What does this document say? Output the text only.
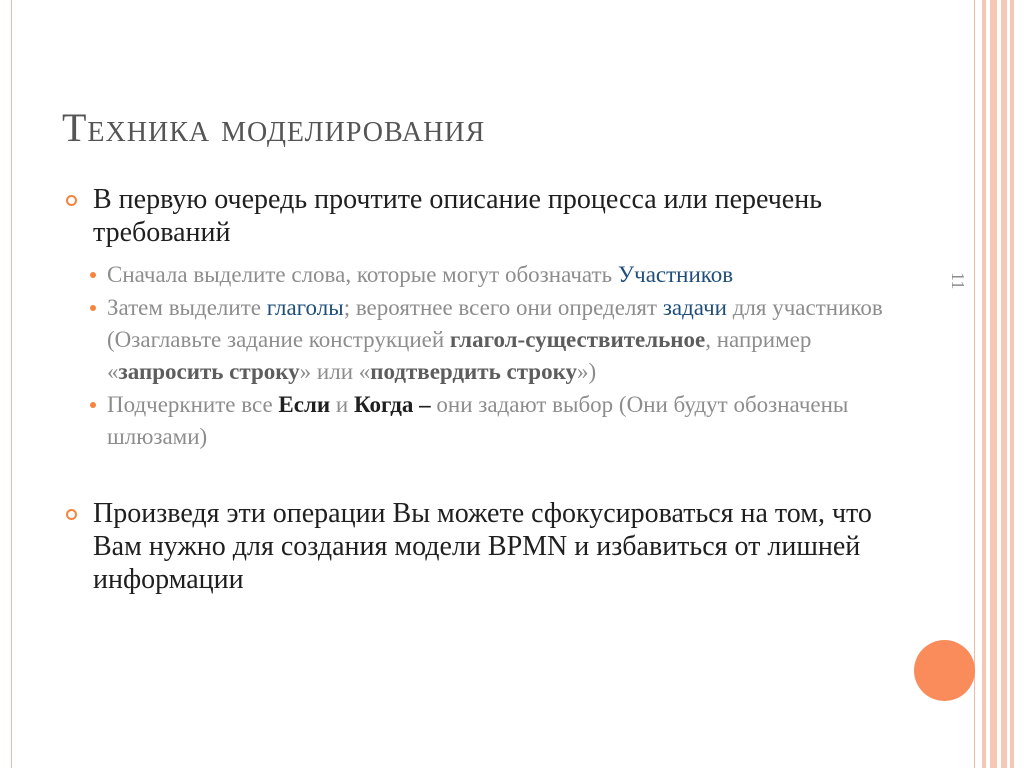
11
Техника моделирования
В первую очередь прочтите описание процесса или перечень требований
Сначала выделите слова, которые могут обозначать Участников
Затем выделите глаголы; вероятнее всего они определят задачи для участников (Озаглавьте задание конструкцией глагол-существительное, например «запросить строку» или «подтвердить строку»)
Подчеркните все Если и Когда – они задают выбор (Они будут обозначены шлюзами)
Произведя эти операции Вы можете сфокусироваться на том, что Вам нужно для создания модели BPMN и избавиться от лишней информации
